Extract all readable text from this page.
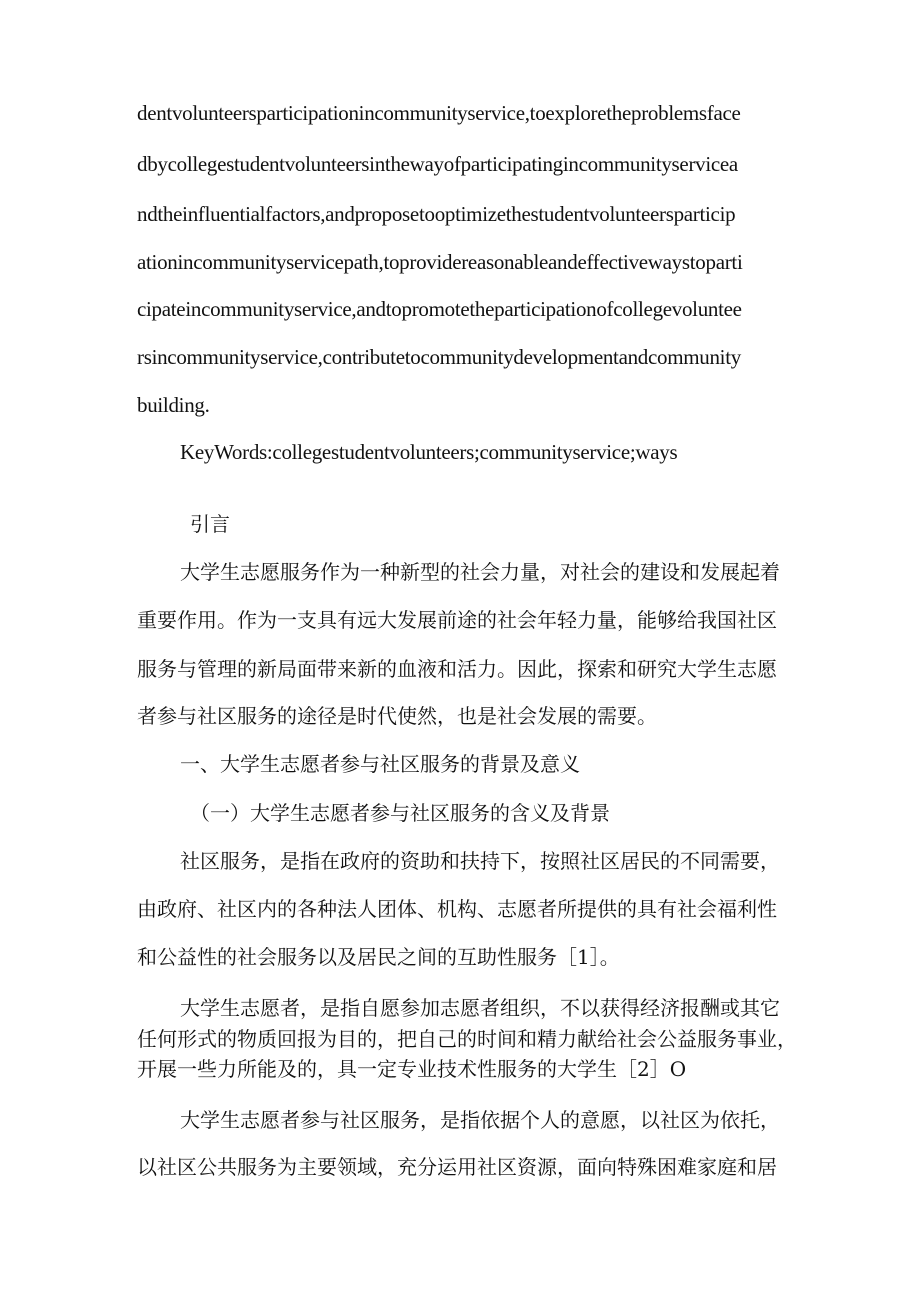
dentvolunteersparticipationincommunityservice,toexploretheproblemsface
dbycollegestudentvolunteersinthewayofparticipatingincommunityservicea
ndtheinfluentialfactors,andproposetooptimizethestudentvolunteersparticip
ationincommunityservicepath,toprovidereasonableandeffectivewaystoparti
cipateincommunityservice,andtopromotetheparticipationofcollegevoluntee
rsincommunityservice,contributetocommunitydevelopmentandcommunity
building.
KeyWords:collegestudentvolunteers;communityservice;ways
引言
大学生志愿服务作为一种新型的社会力量，对社会的建设和发展起着
重要作用。作为一支具有远大发展前途的社会年轻力量，能够给我国社区
服务与管理的新局面带来新的血液和活力。因此，探索和研究大学生志愿
者参与社区服务的途径是时代使然，也是社会发展的需要。
一、大学生志愿者参与社区服务的背景及意义
（一）大学生志愿者参与社区服务的含义及背景
社区服务，是指在政府的资助和扶持下，按照社区居民的不同需要，
由政府、社区内的各种法人团体、机构、志愿者所提供的具有社会福利性
和公益性的社会服务以及居民之间的互助性服务［1］。
大学生志愿者，是指自愿参加志愿者组织，不以获得经济报酬或其它
任何形式的物质回报为目的，把自己的时间和精力献给社会公益服务事业，
开展一些力所能及的，具一定专业技术性服务的大学生［2］O
大学生志愿者参与社区服务，是指依据个人的意愿，以社区为依托，
以社区公共服务为主要领域，充分运用社区资源，面向特殊困难家庭和居
